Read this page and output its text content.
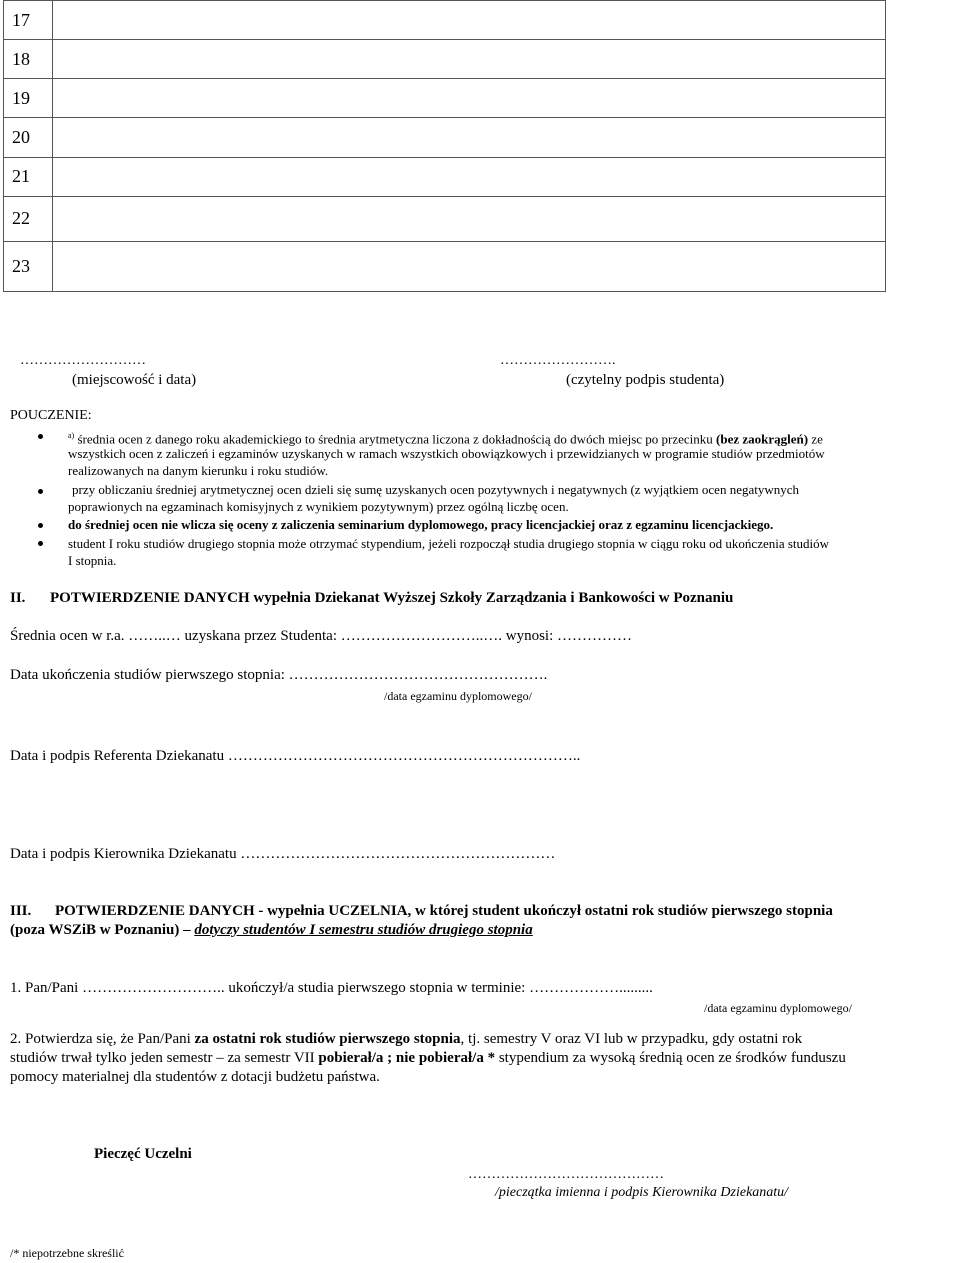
17	
18	
19	
20	
21	
22	
23	
………………………
(miejscowość i data)
…………………….
(czytelny podpis studenta)
POUCZENIE:
$^{a)}$ średnia ocen z danego roku akademickiego to średnia arytmetyczna liczona z dokładnością do dwóch miejsc po przecinku (bez zaokrągleń) ze
wszystkich ocen z zaliczeń i egzaminów uzyskanych w ramach wszystkich obowiązkowych i przewidzianych w programie studiów przedmiotów
realizowanych na danym kierunku i roku studiów.
przy obliczaniu średniej arytmetycznej ocen dzieli się sumę uzyskanych ocen pozytywnych i negatywnych (z wyjątkiem ocen negatywnych
poprawionych na egzaminach komisyjnych z wynikiem pozytywnym) przez ogólną liczbę ocen.
do średniej ocen nie wlicza się oceny z zaliczenia seminarium dyplomowego, pracy licencjackiej oraz z egzaminu licencjackiego.
student I roku studiów drugiego stopnia może otrzymać stypendium, jeżeli rozpoczął studia drugiego stopnia w ciągu roku od ukończenia studiów
I stopnia.
II. POTWIERDZENIE DANYCH wypełnia Dziekanat Wyższej Szkoły Zarządzania i Bankowości w Poznaniu
Średnia ocen w r.a. ……..… uzyskana przez Studenta: ………………………..…. wynosi: ……………
Data ukończenia studiów pierwszego stopnia: …………………………………………….
/data egzaminu dyplomowego/
Data i podpis Referenta Dziekanatu ……………………………………………………………..
Data i podpis Kierownika Dziekanatu ………………………………………………………
III. POTWIERDZENIE DANYCH - wypełnia UCZELNIA, w której student ukończył ostatni rok studiów pierwszego stopnia
(poza WSZiB w Poznaniu) – dotyczy studentów I semestru studiów drugiego stopnia
1. Pan/Pani ……………………….. ukończył/a studia pierwszego stopnia w terminie: ……………….........
/data egzaminu dyplomowego/
2. Potwierdza się, że Pan/Pani za ostatni rok studiów pierwszego stopnia, tj. semestry V oraz VI lub w przypadku, gdy ostatni rok
studiów trwał tylko jeden semestr – za semestr VII pobierał/a ; nie pobierał/a * stypendium za wysoką średnią ocen ze środków funduszu
pomocy materialnej dla studentów z dotacji budżetu państwa.
Pieczęć Uczelni
……………………………………
/pieczątka imienna i podpis Kierownika Dziekanatu/
/* niepotrzebne skreślić
